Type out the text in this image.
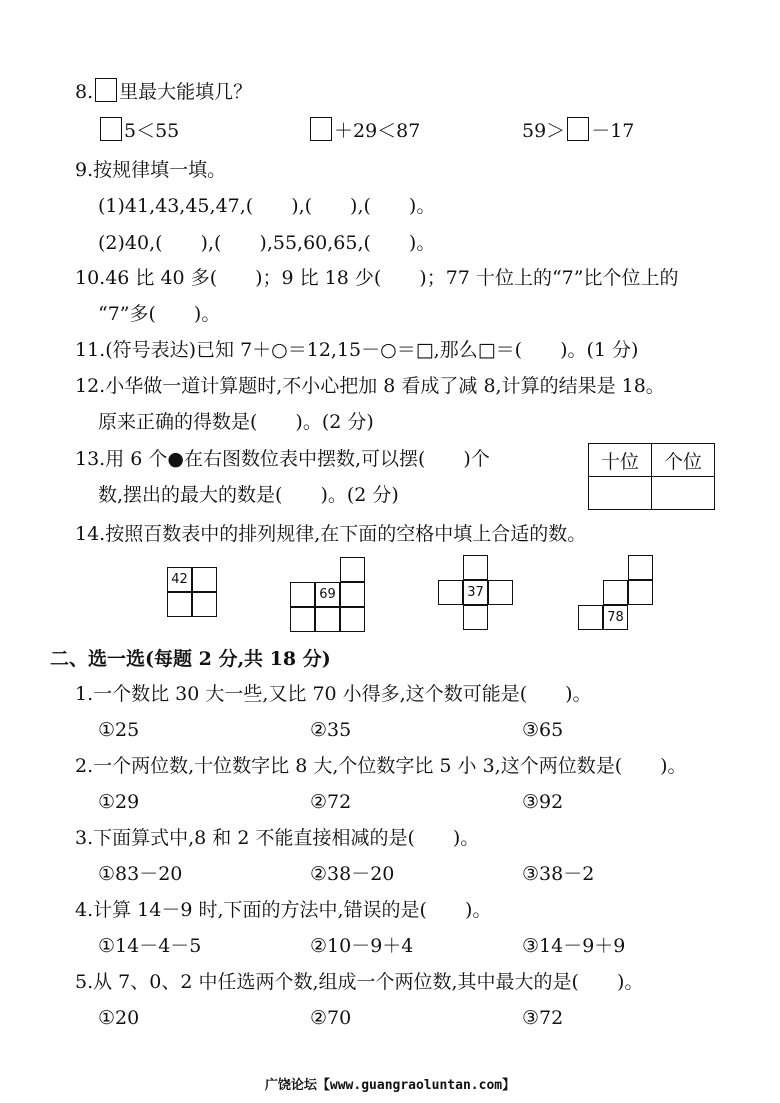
8. 里最大能填几？
5＜55	＋29＜87	59＞ －17
9.按规律填一填。
(1)41,43,45,47,(　　),(　　),(　　)。
(2)40,(　　),(　　),55,60,65,(　　)。
10.46 比 40 多(　　)；9 比 18 少(　　)；77 十位上的“7”比个位上的
“7”多(　　)。
11.(符号表达)已知 7＋○＝12,15－○＝□,那么□＝(　　)。(1 分)
12.小华做一道计算题时,不小心把加 8 看成了减 8,计算的结果是 18。
原来正确的得数是(　　)。(2 分)
13.用 6 个●在右图数位表中摆数,可以摆(　　)个
数,摆出的最大的数是(　　)。(2 分)
十位	个位

14.按照百数表中的排列规律,在下面的空格中填上合适的数。
42
69	37
78
二、选一选(每题 2 分,共 18 分)
1.一个数比 30 大一些,又比 70 小得多,这个数可能是(　　)。
①25	②35	③65
2.一个两位数,十位数字比 8 大,个位数字比 5 小 3,这个两位数是(　　)。
①29	②72	③92
3.下面算式中,8 和 2 不能直接相减的是(　　)。
①83－20	②38－20	③38－2
4.计算 14－9 时,下面的方法中,错误的是(　　)。
①14－4－5	②10－9＋4	③14－9＋9
5.从 7、0、2 中任选两个数,组成一个两位数,其中最大的是(　　)。
①20	②70	③72
广饶论坛【www.guangraoluntan.com】
